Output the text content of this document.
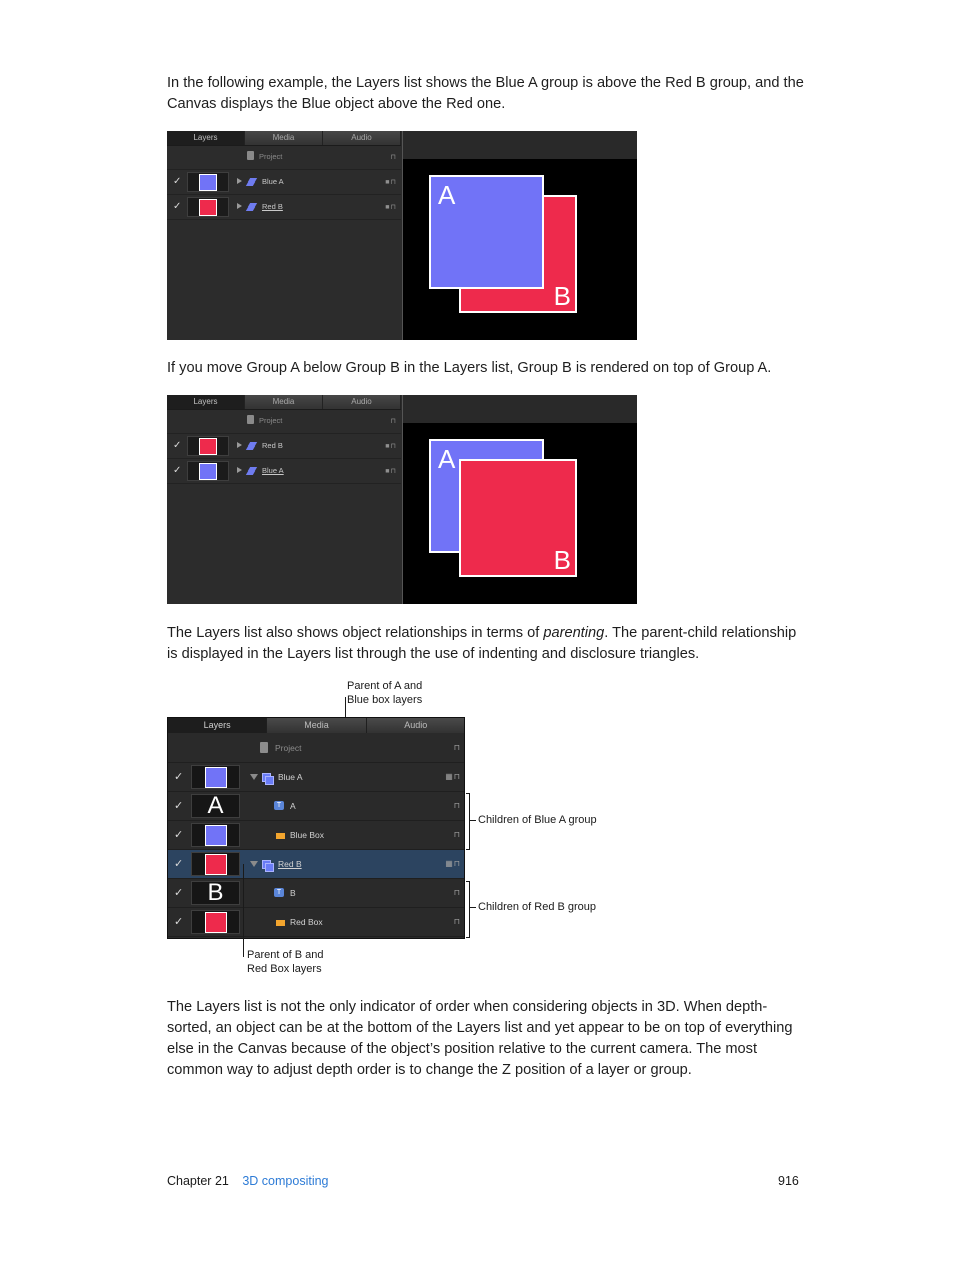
In the following example, the Layers list shows the Blue A group is above the Red B group, and the Canvas displays the Blue object above the Red one.
Layers	Media	Audio
Project	⊓
✓	Blue A	■⊓
✓	Red B	■⊓
B
A
If you move Group A below Group B in the Layers list, Group B is rendered on top of Group A.
Layers	Media	Audio
Project	⊓
✓	Red B	■⊓
✓	Blue A	■⊓ A
B
The Layers list also shows object relationships in terms of parenting. The parent-child relationship is displayed in the Layers list through the use of indenting and disclosure triangles.
Parent of A and
Blue box layers
Layers	Media	Audio
Project	⊓
✓	Blue A	▦⊓
✓	A	T	A	⊓
✓	Blue Box	⊓
✓	Red B	▦⊓
✓	B	T	B	⊓
✓	Red Box	⊓
Children of Blue A group
Children of Red B group
Parent of B and
Red Box layers
The Layers list is not the only indicator of order when considering objects in 3D. When depth-sorted, an object can be at the bottom of the Layers list and yet appear to be on top of everything else in the Canvas because of the object’s position relative to the current camera. The most common way to adjust depth order is to change the Z position of a layer or group.
Chapter 21 3D compositing	916
